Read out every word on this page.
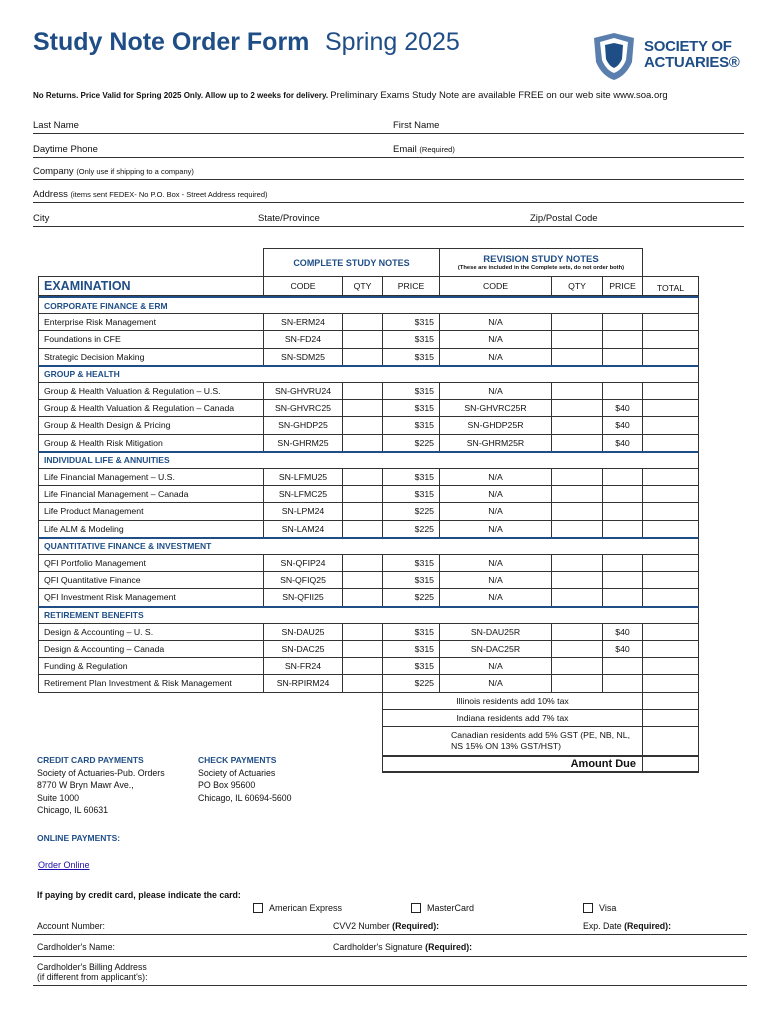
Study Note Order Form Spring 2025	SOCIETY OF
ACTUARIES®
No Returns. Price Valid for Spring 2025 Only. Allow up to 2 weeks for delivery. Preliminary Exams Study Note are available FREE on our web site www.soa.org
Last Name	First Name
Daytime Phone	Email (Required)
Company (Only use if shipping to a company)
Address (items sent FEDEX- No P.O. Box - Street Address required)
City	State/Province	Zip/Postal Code
COMPLETE STUDY NOTES	REVISION STUDY NOTES
(These are included in the Complete sets, do not order both)
EXAMINATION	CODE	QTY	PRICE	CODE	QTY	PRICE	TOTAL
CORPORATE FINANCE & ERM
Enterprise Risk Management	SN-ERM24	$315	N/A
Foundations in CFE	SN-FD24	$315	N/A
Strategic Decision Making	SN-SDM25	$315	N/A
GROUP & HEALTH
Group & Health Valuation & Regulation – U.S.	SN-GHVRU24	$315	N/A
Group & Health Valuation & Regulation – Canada	SN-GHVRC25	$315	SN-GHVRC25R	$40
Group & Health Design & Pricing	SN-GHDP25	$315	SN-GHDP25R	$40
Group & Health Risk Mitigation	SN-GHRM25	$225	SN-GHRM25R	$40
INDIVIDUAL LIFE & ANNUITIES
Life Financial Management – U.S.	SN-LFMU25	$315	N/A
Life Financial Management – Canada	SN-LFMC25	$315	N/A
Life Product Management	SN-LPM24	$225	N/A
Life ALM & Modeling	SN-LAM24	$225	N/A
QUANTITATIVE FINANCE & INVESTMENT
QFI Portfolio Management	SN-QFIP24	$315	N/A
QFI Quantitative Finance	SN-QFIQ25	$315	N/A
QFI Investment Risk Management	SN-QFII25	$225	N/A
RETIREMENT BENEFITS
Design & Accounting – U. S.	SN-DAU25	$315	SN-DAU25R	$40
Design & Accounting – Canada	SN-DAC25	$315	SN-DAC25R	$40
Funding & Regulation	SN-FR24	$315	N/A
Retirement Plan Investment & Risk Management	SN-RPIRM24	$225	N/A
Illinois residents add 10% tax
Indiana residents add 7% tax
Canadian residents add 5% GST (PE, NB, NL,
NS 15% ON 13% GST/HST)
Amount Due
CREDIT CARD PAYMENTS
Society of Actuaries-Pub. Orders
8770 W Bryn Mawr Ave.,
Suite 1000
Chicago, IL 60631
CHECK PAYMENTS
Society of Actuaries
PO Box 95600
Chicago, IL 60694-5600
ONLINE PAYMENTS:
Order Online
If paying by credit card, please indicate the card:
American Express	MasterCard	Visa
Account Number:	CVV2 Number (Required):	Exp. Date (Required):
Cardholder's Name:	Cardholder's Signature (Required):
Cardholder's Billing Address
(if different from applicant's):
